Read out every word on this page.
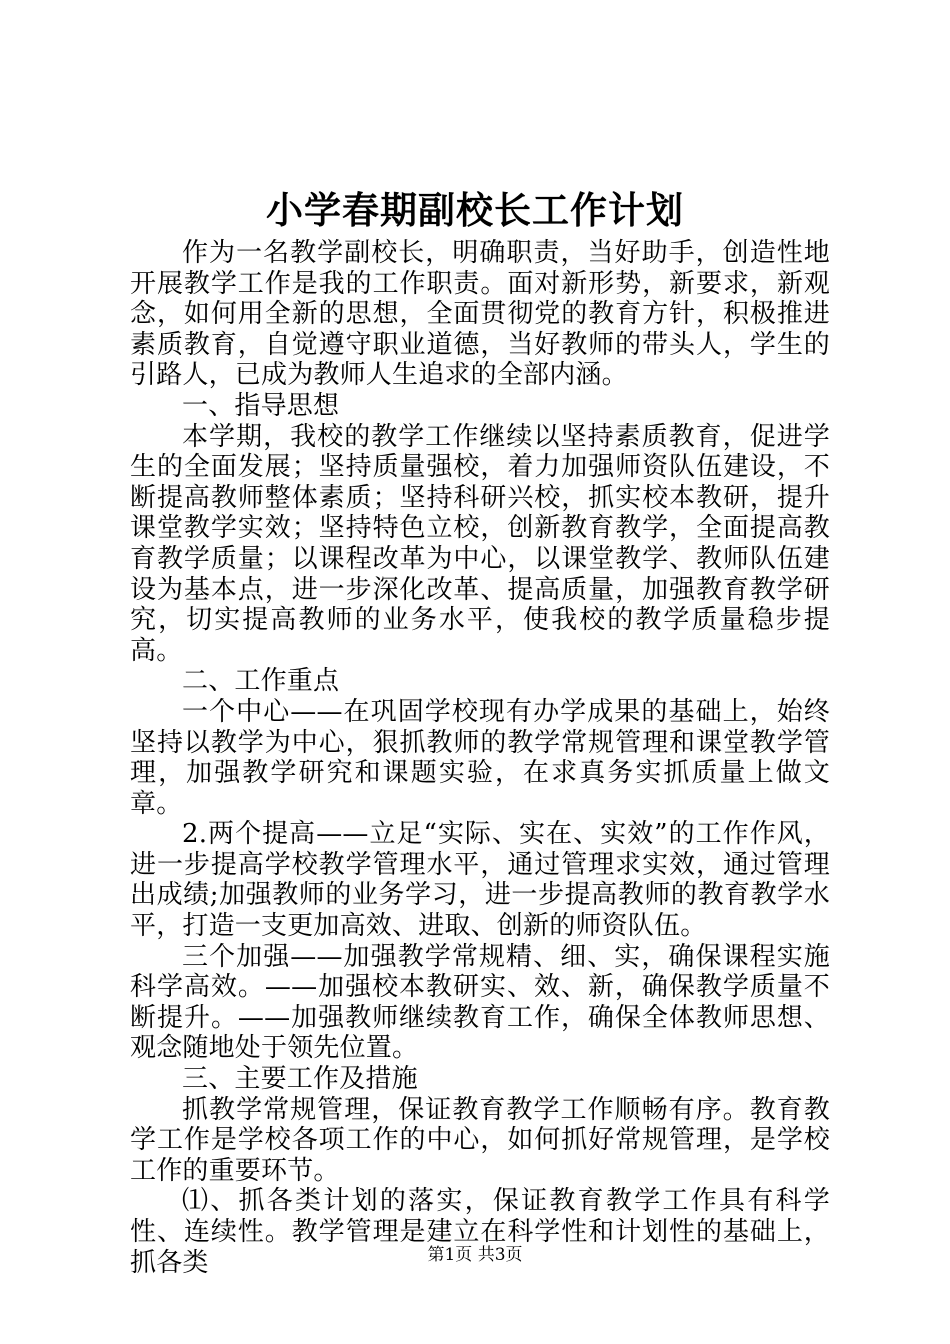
小学春期副校长工作计划

作为一名教学副校长，明确职责，当好助手，创造性地开展教学工作是我的工作职责。面对新形势，新要求，新观念，如何用全新的思想，全面贯彻党的教育方针，积极推进素质教育，自觉遵守职业道德，当好教师的带头人，学生的引路人，已成为教师人生追求的全部内涵。

一、指导思想

本学期，我校的教学工作继续以坚持素质教育，促进学生的全面发展；坚持质量强校，着力加强师资队伍建设，不断提高教师整体素质；坚持科研兴校，抓实校本教研，提升课堂教学实效；坚持特色立校，创新教育教学，全面提高教育教学质量；以课程改革为中心，以课堂教学、教师队伍建设为基本点，进一步深化改革、提高质量，加强教育教学研究，切实提高教师的业务水平，使我校的教学质量稳步提高。

二、工作重点

一个中心——在巩固学校现有办学成果的基础上，始终坚持以教学为中心，狠抓教师的教学常规管理和课堂教学管理，加强教学研究和课题实验，在求真务实抓质量上做文章。

2.两个提高——立足“实际、实在、实效”的工作作风，进一步提高学校教学管理水平，通过管理求实效，通过管理出成绩;加强教师的业务学习，进一步提高教师的教育教学水平，打造一支更加高效、进取、创新的师资队伍。

三个加强——加强教学常规精、细、实，确保课程实施科学高效。——加强校本教研实、效、新，确保教学质量不断提升。——加强教师继续教育工作，确保全体教师思想、观念随地处于领先位置。

三、主要工作及措施

抓教学常规管理，保证教育教学工作顺畅有序。教育教学工作是学校各项工作的中心，如何抓好常规管理，是学校工作的重要环节。

⑴、抓各类计划的落实，保证教育教学工作具有科学性、连续性。教学管理是建立在科学性和计划性的基础上，抓各类	第1页 共3页
